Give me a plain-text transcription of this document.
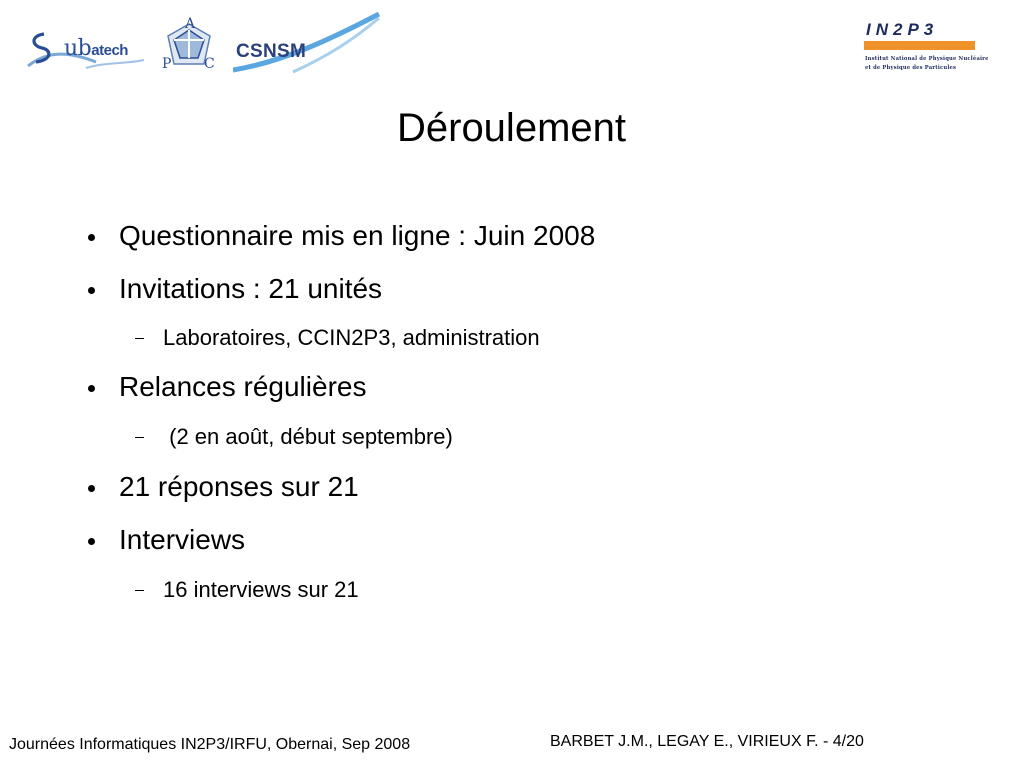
ubatech
A
P C
CSNSM
IN2P3
Institut National de Physique Nucléaire
et de Physique des Particules
Déroulement
Questionnaire mis en ligne : Juin 2008
Invitations : 21 unités
Laboratoires, CCIN2P3, administration
Relances régulières
(2 en août, début septembre)
21 réponses sur 21
Interviews
16 interviews sur 21
Journées Informatiques IN2P3/IRFU, Obernai, Sep 2008	BARBET J.M., LEGAY E., VIRIEUX F. - 4/20
